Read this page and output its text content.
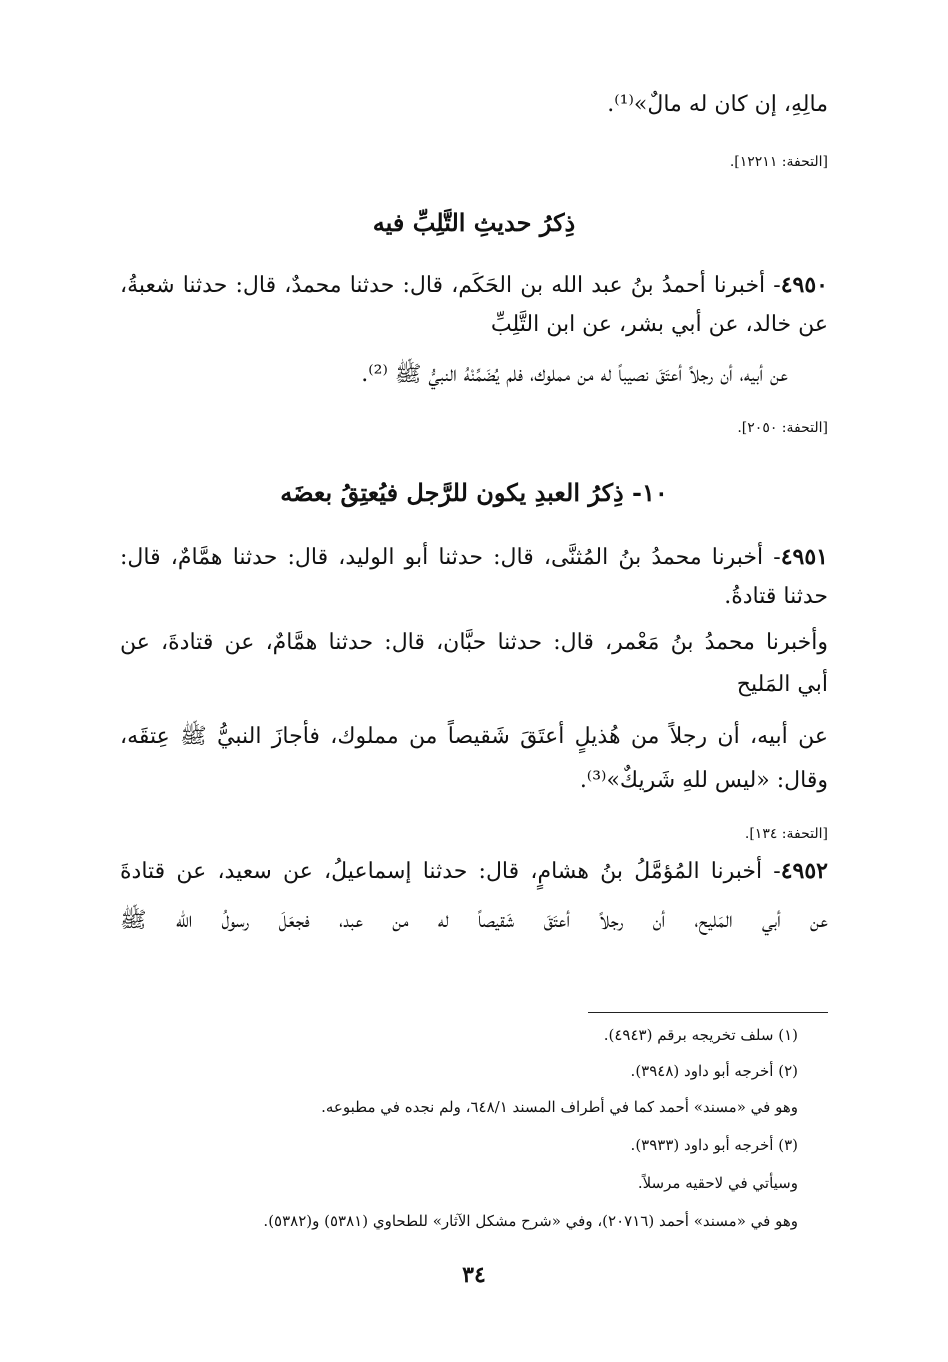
مالِهِ، إن كان له مالٌ»⁽¹⁾.
[التحفة: ١٢٢١١].
ذِكرُ حديثِ التَّلِبِّ فيه
٤٩٥٠- أخبرنا أحمدُ بنُ عبد الله بن الحَكَم، قال: حدثنا محمدٌ، قال: حدثنا شعبةُ،
عن خالد، عن أبي بشر، عن ابن التَّلِبِّ
عن أبيه، أن رجلاً أعتَقَ نصيباً له من مملوك، فلم يُضَمِّنْهُ النبيُّ ﷺ ⁽²⁾.
[التحفة: ٢٠٥٠].
١٠- ذِكرُ العبدِ يكون للرَّجل فيُعتِقُ بعضَه
٤٩٥١- أخبرنا محمدُ بنُ المُثنَّى، قال: حدثنا أبو الوليد، قال: حدثنا همَّامٌ، قال:
حدثنا قتادةُ.
وأخبرنا محمدُ بنُ مَعْمر، قال: حدثنا حبَّان، قال: حدثنا همَّامٌ، عن قتادةَ، عن
أبي المَليح
عن أبيه، أن رجلاً من هُذيلٍ أعتَقَ شَقيصاً من مملوك، فأجازَ النبيُّ ﷺ عِتقَه،
وقال: «ليس للهِ شَريكٌ»⁽³⁾.
[التحفة: ١٣٤].
٤٩٥٢- أخبرنا المُؤمَّلُ بنُ هشامٍ، قال: حدثنا إسماعيلُ، عن سعيد، عن قتادةَ
عن أبي المَليح، أن رجلاً أعتَقَ شَقيصاً له من عبد، فجعَلَ رسولُ الله ﷺ
(١) سلف تخريجه برقم (٤٩٤٣).
(٢) أخرجه أبو داود (٣٩٤٨).
وهو في «مسند» أحمد كما في أطراف المسند ٦٤٨/١، ولم نجده في مطبوعه.
(٣) أخرجه أبو داود (٣٩٣٣).
وسيأتي في لاحقيه مرسلاً.
وهو في «مسند» أحمد (٢٠٧١٦)، وفي «شرح مشكل الآثار» للطحاوي (٥٣٨١) و(٥٣٨٢).
٣٤
